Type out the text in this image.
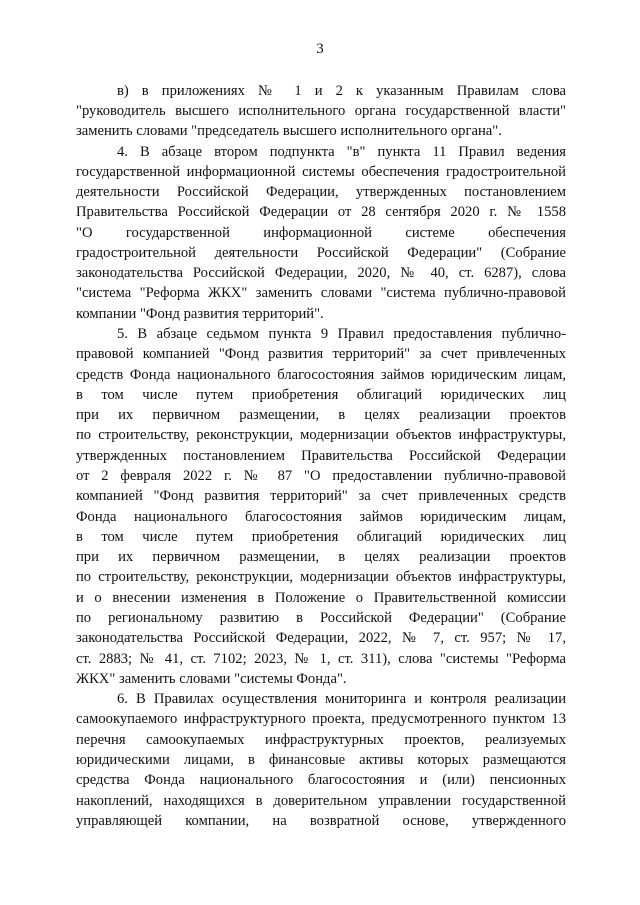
3
в) в приложениях № 1 и 2 к указанным Правилам слова
"руководитель высшего исполнительного органа государственной власти"
заменить словами "председатель высшего исполнительного органа".
4. В абзаце втором подпункта "в" пункта 11 Правил ведения
государственной информационной системы обеспечения градостроительной
деятельности Российской Федерации, утвержденных постановлением
Правительства Российской Федерации от 28 сентября 2020 г. № 1558
"О государственной информационной системе обеспечения
градостроительной деятельности Российской Федерации" (Собрание
законодательства Российской Федерации, 2020, № 40, ст. 6287), слова
"система "Реформа ЖКХ" заменить словами "система публично-правовой
компании "Фонд развития территорий".
5. В абзаце седьмом пункта 9 Правил предоставления публично-
правовой компанией "Фонд развития территорий" за счет привлеченных
средств Фонда национального благосостояния займов юридическим лицам,
в том числе путем приобретения облигаций юридических лиц
при их первичном размещении, в целях реализации проектов
по строительству, реконструкции, модернизации объектов инфраструктуры,
утвержденных постановлением Правительства Российской Федерации
от 2 февраля 2022 г. № 87 "О предоставлении публично-правовой
компанией "Фонд развития территорий" за счет привлеченных средств
Фонда национального благосостояния займов юридическим лицам,
в том числе путем приобретения облигаций юридических лиц
при их первичном размещении, в целях реализации проектов
по строительству, реконструкции, модернизации объектов инфраструктуры,
и о внесении изменения в Положение о Правительственной комиссии
по региональному развитию в Российской Федерации" (Собрание
законодательства Российской Федерации, 2022, № 7, ст. 957; № 17,
ст. 2883; № 41, ст. 7102; 2023, № 1, ст. 311), слова "системы "Реформа
ЖКХ" заменить словами "системы Фонда".
6. В Правилах осуществления мониторинга и контроля реализации
самоокупаемого инфраструктурного проекта, предусмотренного пунктом 13
перечня самоокупаемых инфраструктурных проектов, реализуемых
юридическими лицами, в финансовые активы которых размещаются
средства Фонда национального благосостояния и (или) пенсионных
накоплений, находящихся в доверительном управлении государственной
управляющей компании, на возвратной основе, утвержденного
